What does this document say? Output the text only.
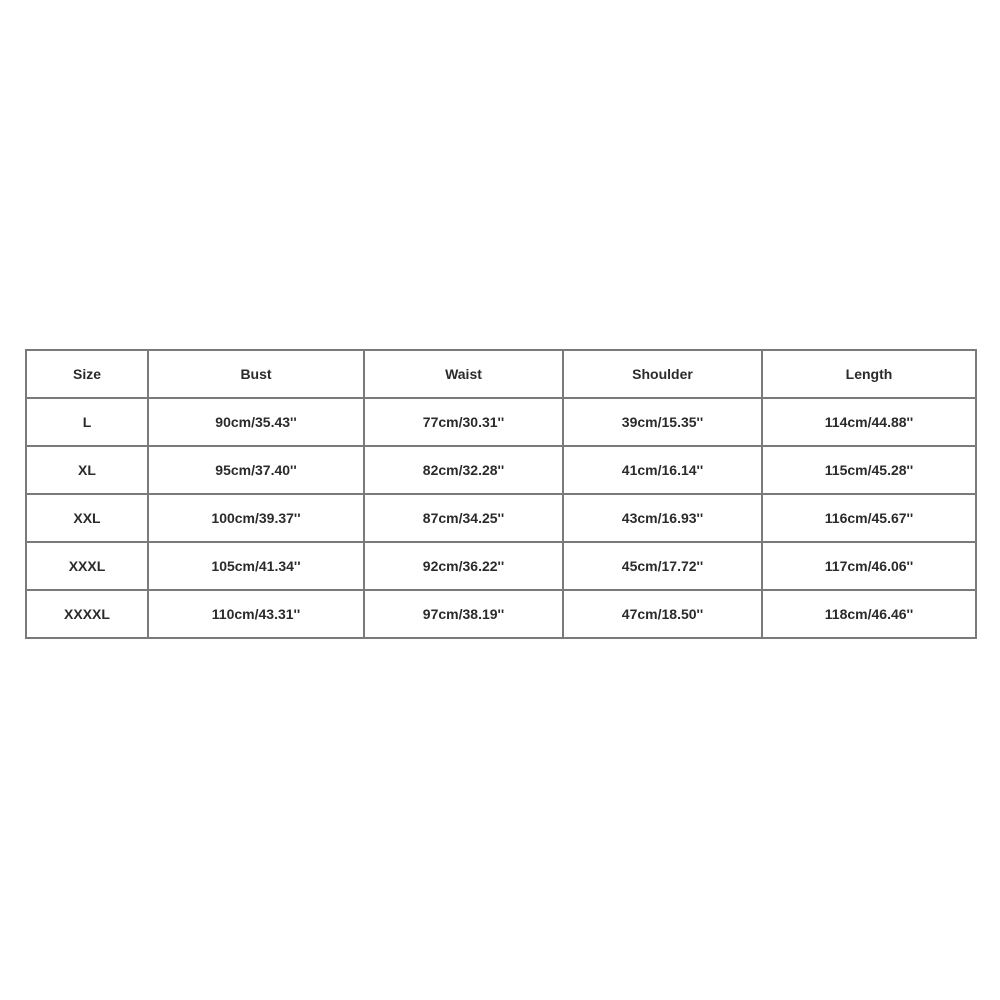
Size	Bust	Waist	Shoulder	Length
L	90cm/35.43''	77cm/30.31''	39cm/15.35''	114cm/44.88''
XL	95cm/37.40''	82cm/32.28''	41cm/16.14''	115cm/45.28''
XXL	100cm/39.37''	87cm/34.25''	43cm/16.93''	116cm/45.67''
XXXL	105cm/41.34''	92cm/36.22''	45cm/17.72''	117cm/46.06''
XXXXL	110cm/43.31''	97cm/38.19''	47cm/18.50''	118cm/46.46''
